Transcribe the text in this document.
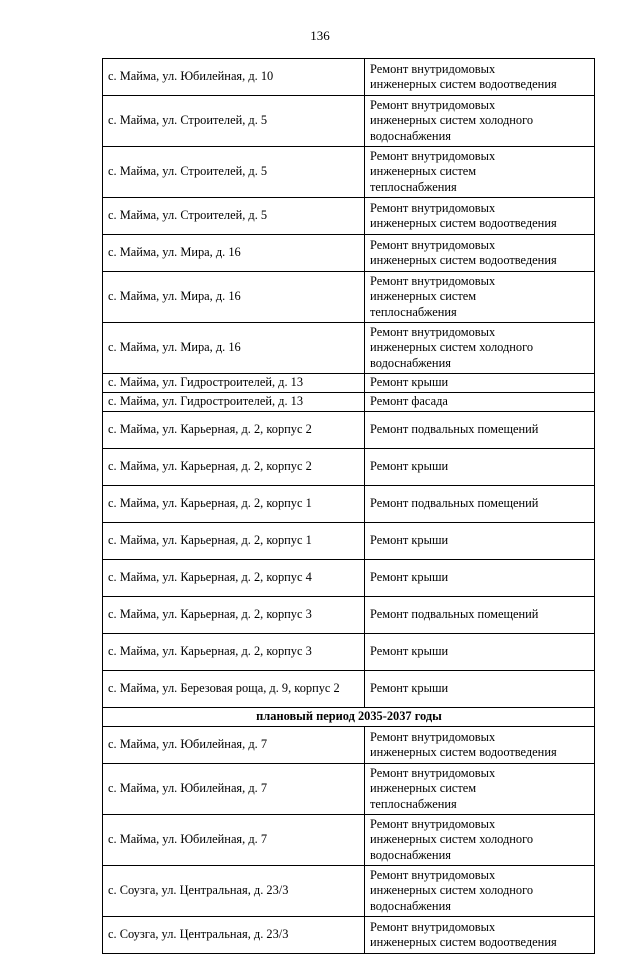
136
с. Майма, ул. Юбилейная, д. 10	Ремонт внутридомовых
инженерных систем водоотведения

с. Майма, ул. Строителей, д. 5	Ремонт внутридомовых
инженерных систем холодного
водоснабжения

с. Майма, ул. Строителей, д. 5	Ремонт внутридомовых
инженерных систем
теплоснабжения

с. Майма, ул. Строителей, д. 5	Ремонт внутридомовых
инженерных систем водоотведения

с. Майма, ул. Мира, д. 16	Ремонт внутридомовых
инженерных систем водоотведения

с. Майма, ул. Мира, д. 16	Ремонт внутридомовых
инженерных систем
теплоснабжения

с. Майма, ул. Мира, д. 16	Ремонт внутридомовых
инженерных систем холодного
водоснабжения

с. Майма, ул. Гидростроителей, д. 13	Ремонт крыши

с. Майма, ул. Гидростроителей, д. 13	Ремонт фасада

с. Майма, ул. Карьерная, д. 2, корпус 2	Ремонт подвальных помещений

с. Майма, ул. Карьерная, д. 2, корпус 2	Ремонт крыши

с. Майма, ул. Карьерная, д. 2, корпус 1	Ремонт подвальных помещений

с. Майма, ул. Карьерная, д. 2, корпус 1	Ремонт крыши

с. Майма, ул. Карьерная, д. 2, корпус 4	Ремонт крыши

с. Майма, ул. Карьерная, д. 2, корпус 3	Ремонт подвальных помещений

с. Майма, ул. Карьерная, д. 2, корпус 3	Ремонт крыши

с. Майма, ул. Березовая роща, д. 9, корпус 2	Ремонт крыши

плановый период 2035-2037 годы	
с. Майма, ул. Юбилейная, д. 7	Ремонт внутридомовых
инженерных систем водоотведения

с. Майма, ул. Юбилейная, д. 7	Ремонт внутридомовых
инженерных систем
теплоснабжения

с. Майма, ул. Юбилейная, д. 7	Ремонт внутридомовых
инженерных систем холодного
водоснабжения

с. Соузга, ул. Центральная, д. 23/3	Ремонт внутридомовых
инженерных систем холодного
водоснабжения

с. Соузга, ул. Центральная, д. 23/3	Ремонт внутридомовых
инженерных систем водоотведения
